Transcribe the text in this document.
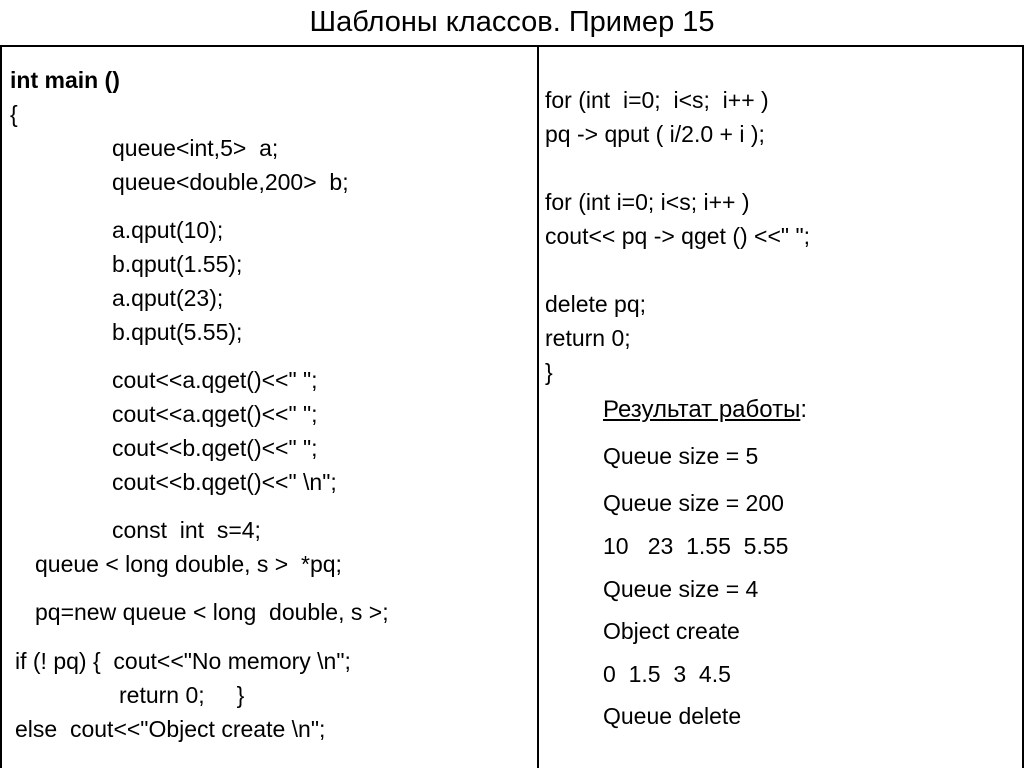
Шаблоны классов. Пример 15
int main ()
{
queue<int,5>  a;
queue<double,200>  b;
a.qput(10);
b.qput(1.55);
a.qput(23);
b.qput(5.55);
cout<<a.qget()<<" ";
cout<<a.qget()<<" ";
cout<<b.qget()<<" ";
cout<<b.qget()<<" \n";
const  int  s=4;
queue < long double, s >  *pq;
pq=new queue < long  double, s >;
if (! pq) {  cout<<"No memory \n";
return 0;     }
else  cout<<"Object create \n";
for (int  i=0;  i<s;  i++ )
pq -> qput ( i/2.0 + i );
for (int i=0; i<s; i++ )
cout<< pq -> qget () <<" ";
delete pq;
return 0;
}
Результат работы:
Queue size = 5
Queue size = 200
10   23  1.55  5.55
Queue size = 4
Object create
0  1.5  3  4.5
Queue delete
